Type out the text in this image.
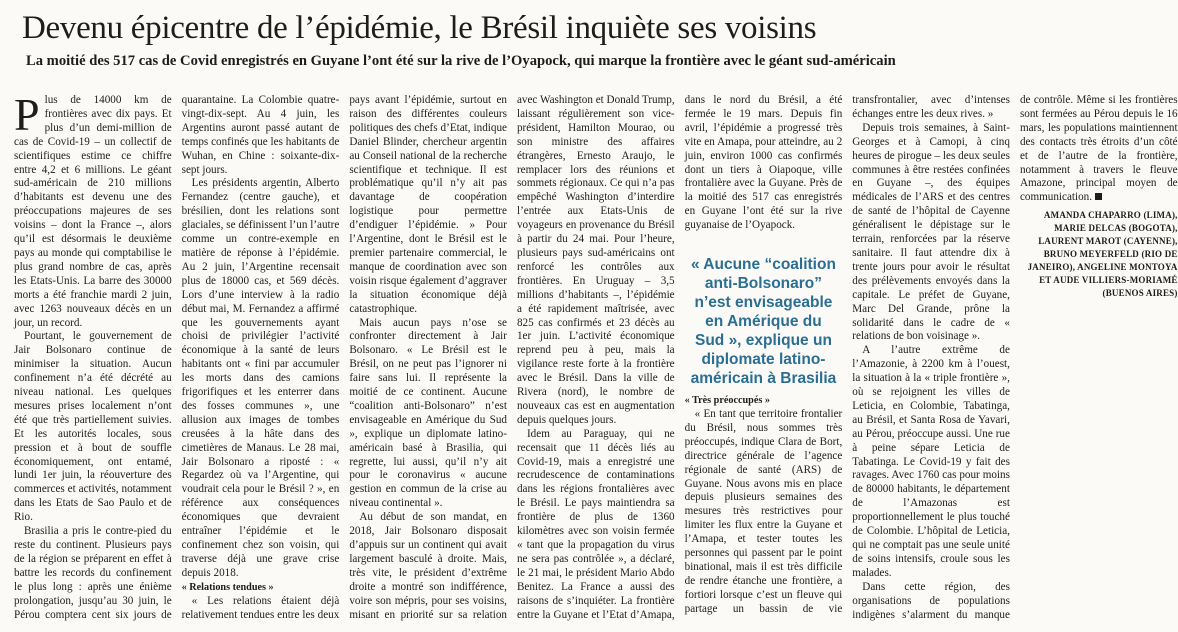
Devenu épicentre de l’épidémie, le Brésil inquiète ses voisins
La moitié des 517 cas de Covid enregistrés en Guyane l’ont été sur la rive de l’Oyapock, qui marque la frontière avec le géant sud-américain

Plus de 14000 km de frontières avec dix pays. Et plus d’un demi-million de cas de Covid-19 – un collectif de scientifiques estime ce chiffre entre 4,2 et 6 millions. Le géant sud-américain de 210 millions d’habitants est devenu une des préoccupations majeures de ses voisins – dont la France –, alors qu’il est désormais le deuxième pays au monde qui comptabilise le plus grand nombre de cas, après les Etats-Unis. La barre des 30000 morts a été franchie mardi 2 juin, avec 1263 nouveaux décès en un jour, un record.

Pourtant, le gouvernement de Jair Bolsonaro continue de minimiser la situation. Aucun confinement n’a été décrété au niveau national. Les quelques mesures prises localement n’ont été que très partiellement suivies. Et les autorités locales, sous pression et à bout de souffle économiquement, ont entamé, lundi 1er juin, la réouverture des commerces et activités, notamment dans les Etats de Sao Paulo et de Rio.

Brasilia a pris le contre-pied du reste du continent. Plusieurs pays de la région se préparent en effet à battre les records du confinement le plus long : après une énième prolongation, jusqu’au 30 juin, le Pérou comptera cent six jours de quarantaine. La Colombie quatre-vingt-dix-sept. Au 4 juin, les Argentins auront passé autant de temps confinés que les habitants de Wuhan, en Chine : soixante-dix-sept jours.

Les présidents argentin, Alberto Fernandez (centre gauche), et brésilien, dont les relations sont glaciales, se définissent l’un l’autre comme un contre-exemple en matière de réponse à l’épidémie. Au 2 juin, l’Argentine recensait plus de 18000 cas, et 569 décès. Lors d’une interview à la radio début mai, M. Fernandez a affirmé que les gouvernements ayant choisi de privilégier l’activité économique à la santé de leurs habitants ont « fini par accumuler les morts dans des camions frigorifiques et les enterrer dans des fosses communes », une allusion aux images de tombes creusées à la hâte dans des cimetières de Manaus. Le 28 mai, Jair Bolsonaro a riposté : « Regardez où va l’Argentine, qui voudrait cela pour le Brésil ? », en référence aux conséquences économiques que devraient entraîner l’épidémie et le confinement chez son voisin, qui traverse déjà une grave crise depuis 2018.

« Relations tendues »

« Les relations étaient déjà relativement tendues entre les deux pays avant l’épidémie, surtout en raison des différentes couleurs politiques des chefs d’Etat, indique Daniel Blinder, chercheur argentin au Conseil national de la recherche scientifique et technique. Il est problématique qu’il n’y ait pas davantage de coopération logistique pour permettre d’endiguer l’épidémie. » Pour l’Argentine, dont le Brésil est le premier partenaire commercial, le manque de coordination avec son voisin risque également d’aggraver la situation économique déjà catastrophique.

Mais aucun pays n’ose se confronter directement à Jair Bolsonaro. « Le Brésil est le Brésil, on ne peut pas l’ignorer ni faire sans lui. Il représente la moitié de ce continent. Aucune “coalition anti-Bolsonaro” n’est envisageable en Amérique du Sud », explique un diplomate latino-américain basé à Brasilia, qui regrette, lui aussi, qu’il n’y ait pour le coronavirus « aucune gestion en commun de la crise au niveau continental ».

Au début de son mandat, en 2018, Jair Bolsonaro disposait d’appuis sur un continent qui avait largement basculé à droite. Mais, très vite, le président d’extrême droite a montré son indifférence, voire son mépris, pour ses voisins, misant en priorité sur sa relation avec Washington et Donald Trump, laissant régulièrement son vice-président, Hamilton Mourao, ou son ministre des affaires étrangères, Ernesto Araujo, le remplacer lors des réunions et sommets régionaux. Ce qui n’a pas empêché Washington d’interdire l’entrée aux Etats-Unis de voyageurs en provenance du Brésil à partir du 24 mai. Pour l’heure, plusieurs pays sud-américains ont renforcé les contrôles aux frontières. En Uruguay – 3,5 millions d’habitants –, l’épidémie a été rapidement maîtrisée, avec 825 cas confirmés et 23 décès au 1er juin. L’activité économique reprend peu à peu, mais la vigilance reste forte à la frontière avec le Brésil. Dans la ville de Rivera (nord), le nombre de nouveaux cas est en augmentation depuis quelques jours.

Idem au Paraguay, qui ne recensait que 11 décès liés au Covid-19, mais a enregistré une recrudescence de contaminations dans les régions frontalières avec le Brésil. Le pays maintiendra sa frontière de plus de 1360 kilomètres avec son voisin fermée « tant que la propagation du virus ne sera pas contrôlée », a déclaré, le 21 mai, le président Mario Abdo Benitez. La France a aussi des raisons de s’inquiéter. La frontière entre la Guyane et l’Etat d’Amapa, dans le nord du Brésil, a été fermée le 19 mars. Depuis fin avril, l’épidémie a progressé très vite en Amapa, pour atteindre, au 2 juin, environ 1000 cas confirmés dont un tiers à Oiapoque, ville frontalière avec la Guyane. Près de la moitié des 517 cas enregistrés en Guyane l’ont été sur la rive guyanaise de l’Oyapock.

« Aucune “coalition anti-Bolsonaro” n’est envisageable en Amérique du Sud », explique un diplomate latino-américain à Brasilia

« Très préoccupés »

« En tant que territoire frontalier du Brésil, nous sommes très préoccupés, indique Clara de Bort, directrice générale de l’agence régionale de santé (ARS) de Guyane. Nous avons mis en place depuis plusieurs semaines des mesures très restrictives pour limiter les flux entre la Guyane et l’Amapa, et tester toutes les personnes qui passent par le point binational, mais il est très difficile de rendre étanche une frontière, a fortiori lorsque c’est un fleuve qui partage un bassin de vie transfrontalier, avec d’intenses échanges entre les deux rives. »

Depuis trois semaines, à Saint-Georges et à Camopi, à cinq heures de pirogue – les deux seules communes à être restées confinées en Guyane –, des équipes médicales de l’ARS et des centres de santé de l’hôpital de Cayenne généralisent le dépistage sur le terrain, renforcées par la réserve sanitaire. Il faut attendre dix à trente jours pour avoir le résultat des prélèvements envoyés dans la capitale. Le préfet de Guyane, Marc Del Grande, prône la solidarité dans le cadre de « relations de bon voisinage ».

A l’autre extrême de l’Amazonie, à 2200 km à l’ouest, la situation à la « triple frontière », où se rejoignent les villes de Leticia, en Colombie, Tabatinga, au Brésil, et Santa Rosa de Yavari, au Pérou, préoccupe aussi. Une rue à peine sépare Leticia de Tabatinga. Le Covid-19 y fait des ravages. Avec 1760 cas pour moins de 80000 habitants, le département de l’Amazonas est proportionnellement le plus touché de Colombie. L’hôpital de Leticia, qui ne comptait pas une seule unité de soins intensifs, croule sous les malades.

Dans cette région, des organisations de populations indigènes s’alarment du manque de contrôle. Même si les frontières sont fermées au Pérou depuis le 16 mars, les populations maintiennent des contacts très étroits d’un côté et de l’autre de la frontière, notamment à travers le fleuve Amazone, principal moyen de communication.

AMANDA CHAPARRO (LIMA),
MARIE DELCAS (BOGOTA),
LAURENT MAROT (CAYENNE),
BRUNO MEYERFELD (RIO DE JANEIRO), ANGELINE MONTOYA
ET AUDE VILLIERS-MORIAMÉ (BUENOS AIRES)
